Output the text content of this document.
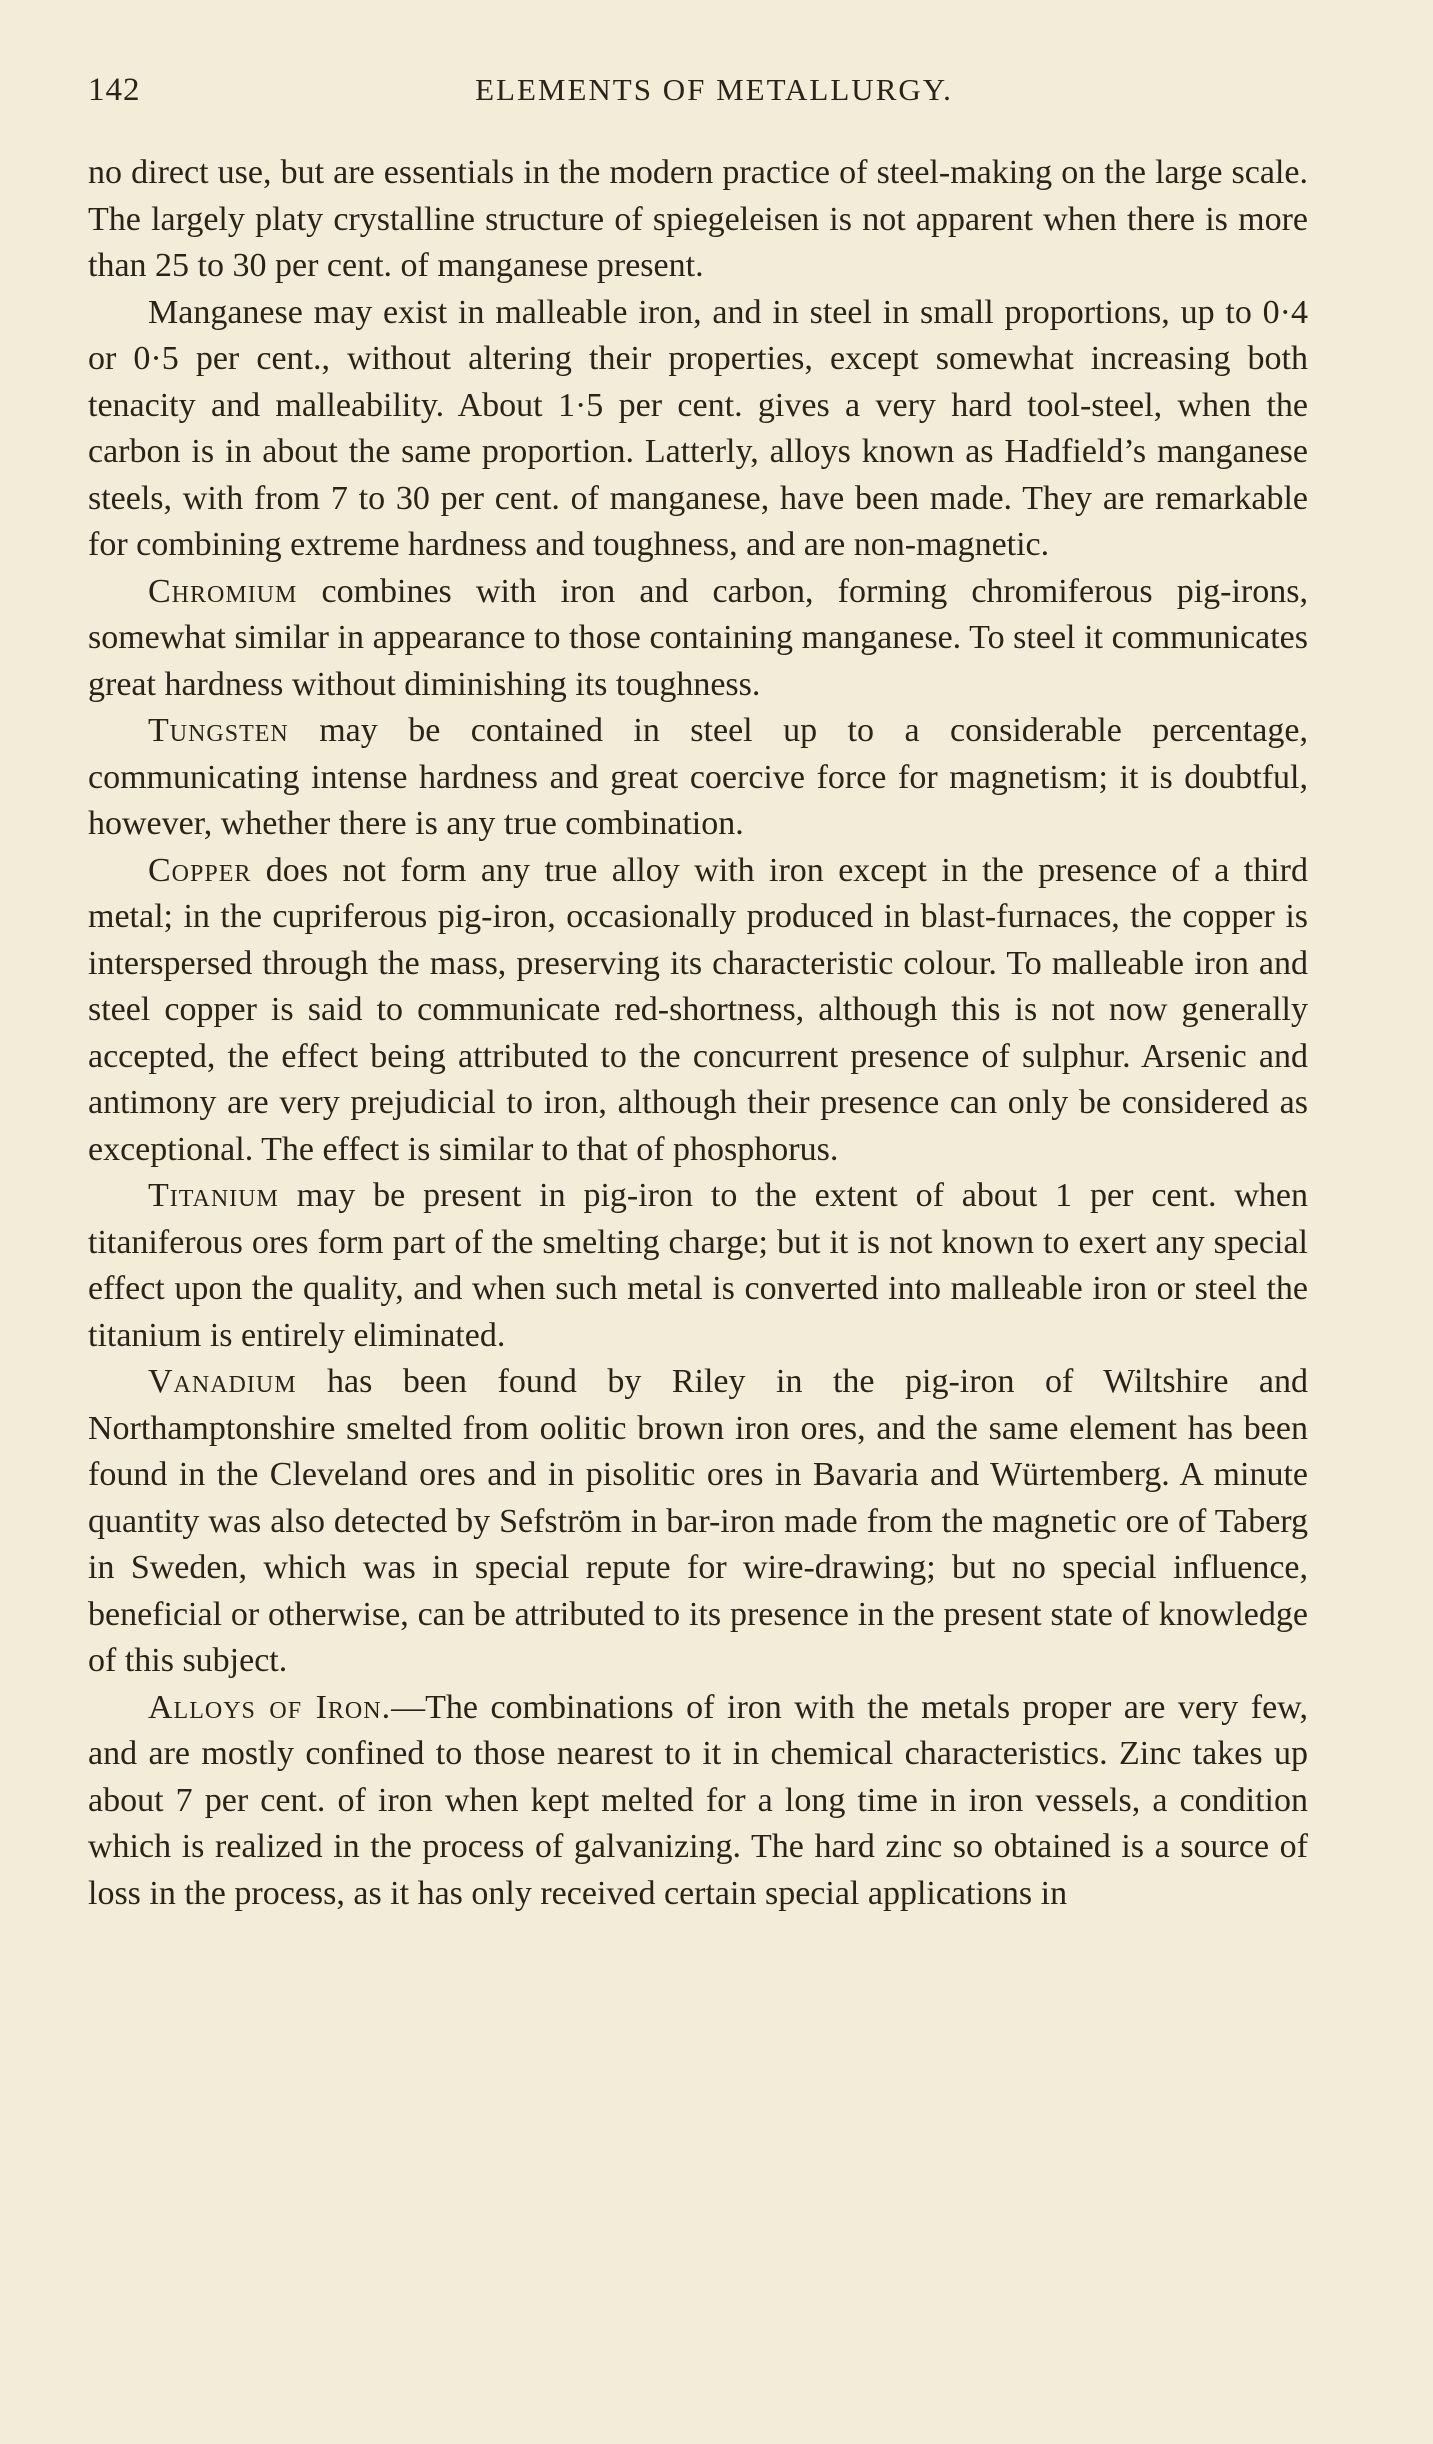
142	ELEMENTS OF METALLURGY.

no direct use, but are essentials in the modern practice of steel-making on the large scale. The largely platy crystalline structure of spiegeleisen is not apparent when there is more than 25 to 30 per cent. of manganese present.

Manganese may exist in malleable iron, and in steel in small proportions, up to 0·4 or 0·5 per cent., without altering their properties, except somewhat increasing both tenacity and malleability. About 1·5 per cent. gives a very hard tool-steel, when the carbon is in about the same proportion. Latterly, alloys known as Hadfield’s manganese steels, with from 7 to 30 per cent. of manganese, have been made. They are remarkable for combining extreme hardness and toughness, and are non-magnetic.

Chromium combines with iron and carbon, forming chromiferous pig-irons, somewhat similar in appearance to those containing manganese. To steel it communicates great hardness without diminishing its toughness.

Tungsten may be contained in steel up to a considerable percentage, communicating intense hardness and great coercive force for magnetism; it is doubtful, however, whether there is any true combination.

Copper does not form any true alloy with iron except in the presence of a third metal; in the cupriferous pig-iron, occasionally produced in blast-furnaces, the copper is interspersed through the mass, preserving its characteristic colour. To malleable iron and steel copper is said to communicate red-shortness, although this is not now generally accepted, the effect being attributed to the concurrent presence of sulphur. Arsenic and antimony are very prejudicial to iron, although their presence can only be considered as exceptional. The effect is similar to that of phosphorus.

Titanium may be present in pig-iron to the extent of about 1 per cent. when titaniferous ores form part of the smelting charge; but it is not known to exert any special effect upon the quality, and when such metal is converted into malleable iron or steel the titanium is entirely eliminated.

Vanadium has been found by Riley in the pig-iron of Wiltshire and Northamptonshire smelted from oolitic brown iron ores, and the same element has been found in the Cleveland ores and in pisolitic ores in Bavaria and Würtemberg. A minute quantity was also detected by Sefström in bar-iron made from the magnetic ore of Taberg in Sweden, which was in special repute for wire-drawing; but no special influence, beneficial or otherwise, can be attributed to its presence in the present state of knowledge of this subject.

Alloys of Iron.—The combinations of iron with the metals proper are very few, and are mostly confined to those nearest to it in chemical characteristics. Zinc takes up about 7 per cent. of iron when kept melted for a long time in iron vessels, a condition which is realized in the process of galvanizing. The hard zinc so obtained is a source of loss in the process, as it has only received certain special applications in
